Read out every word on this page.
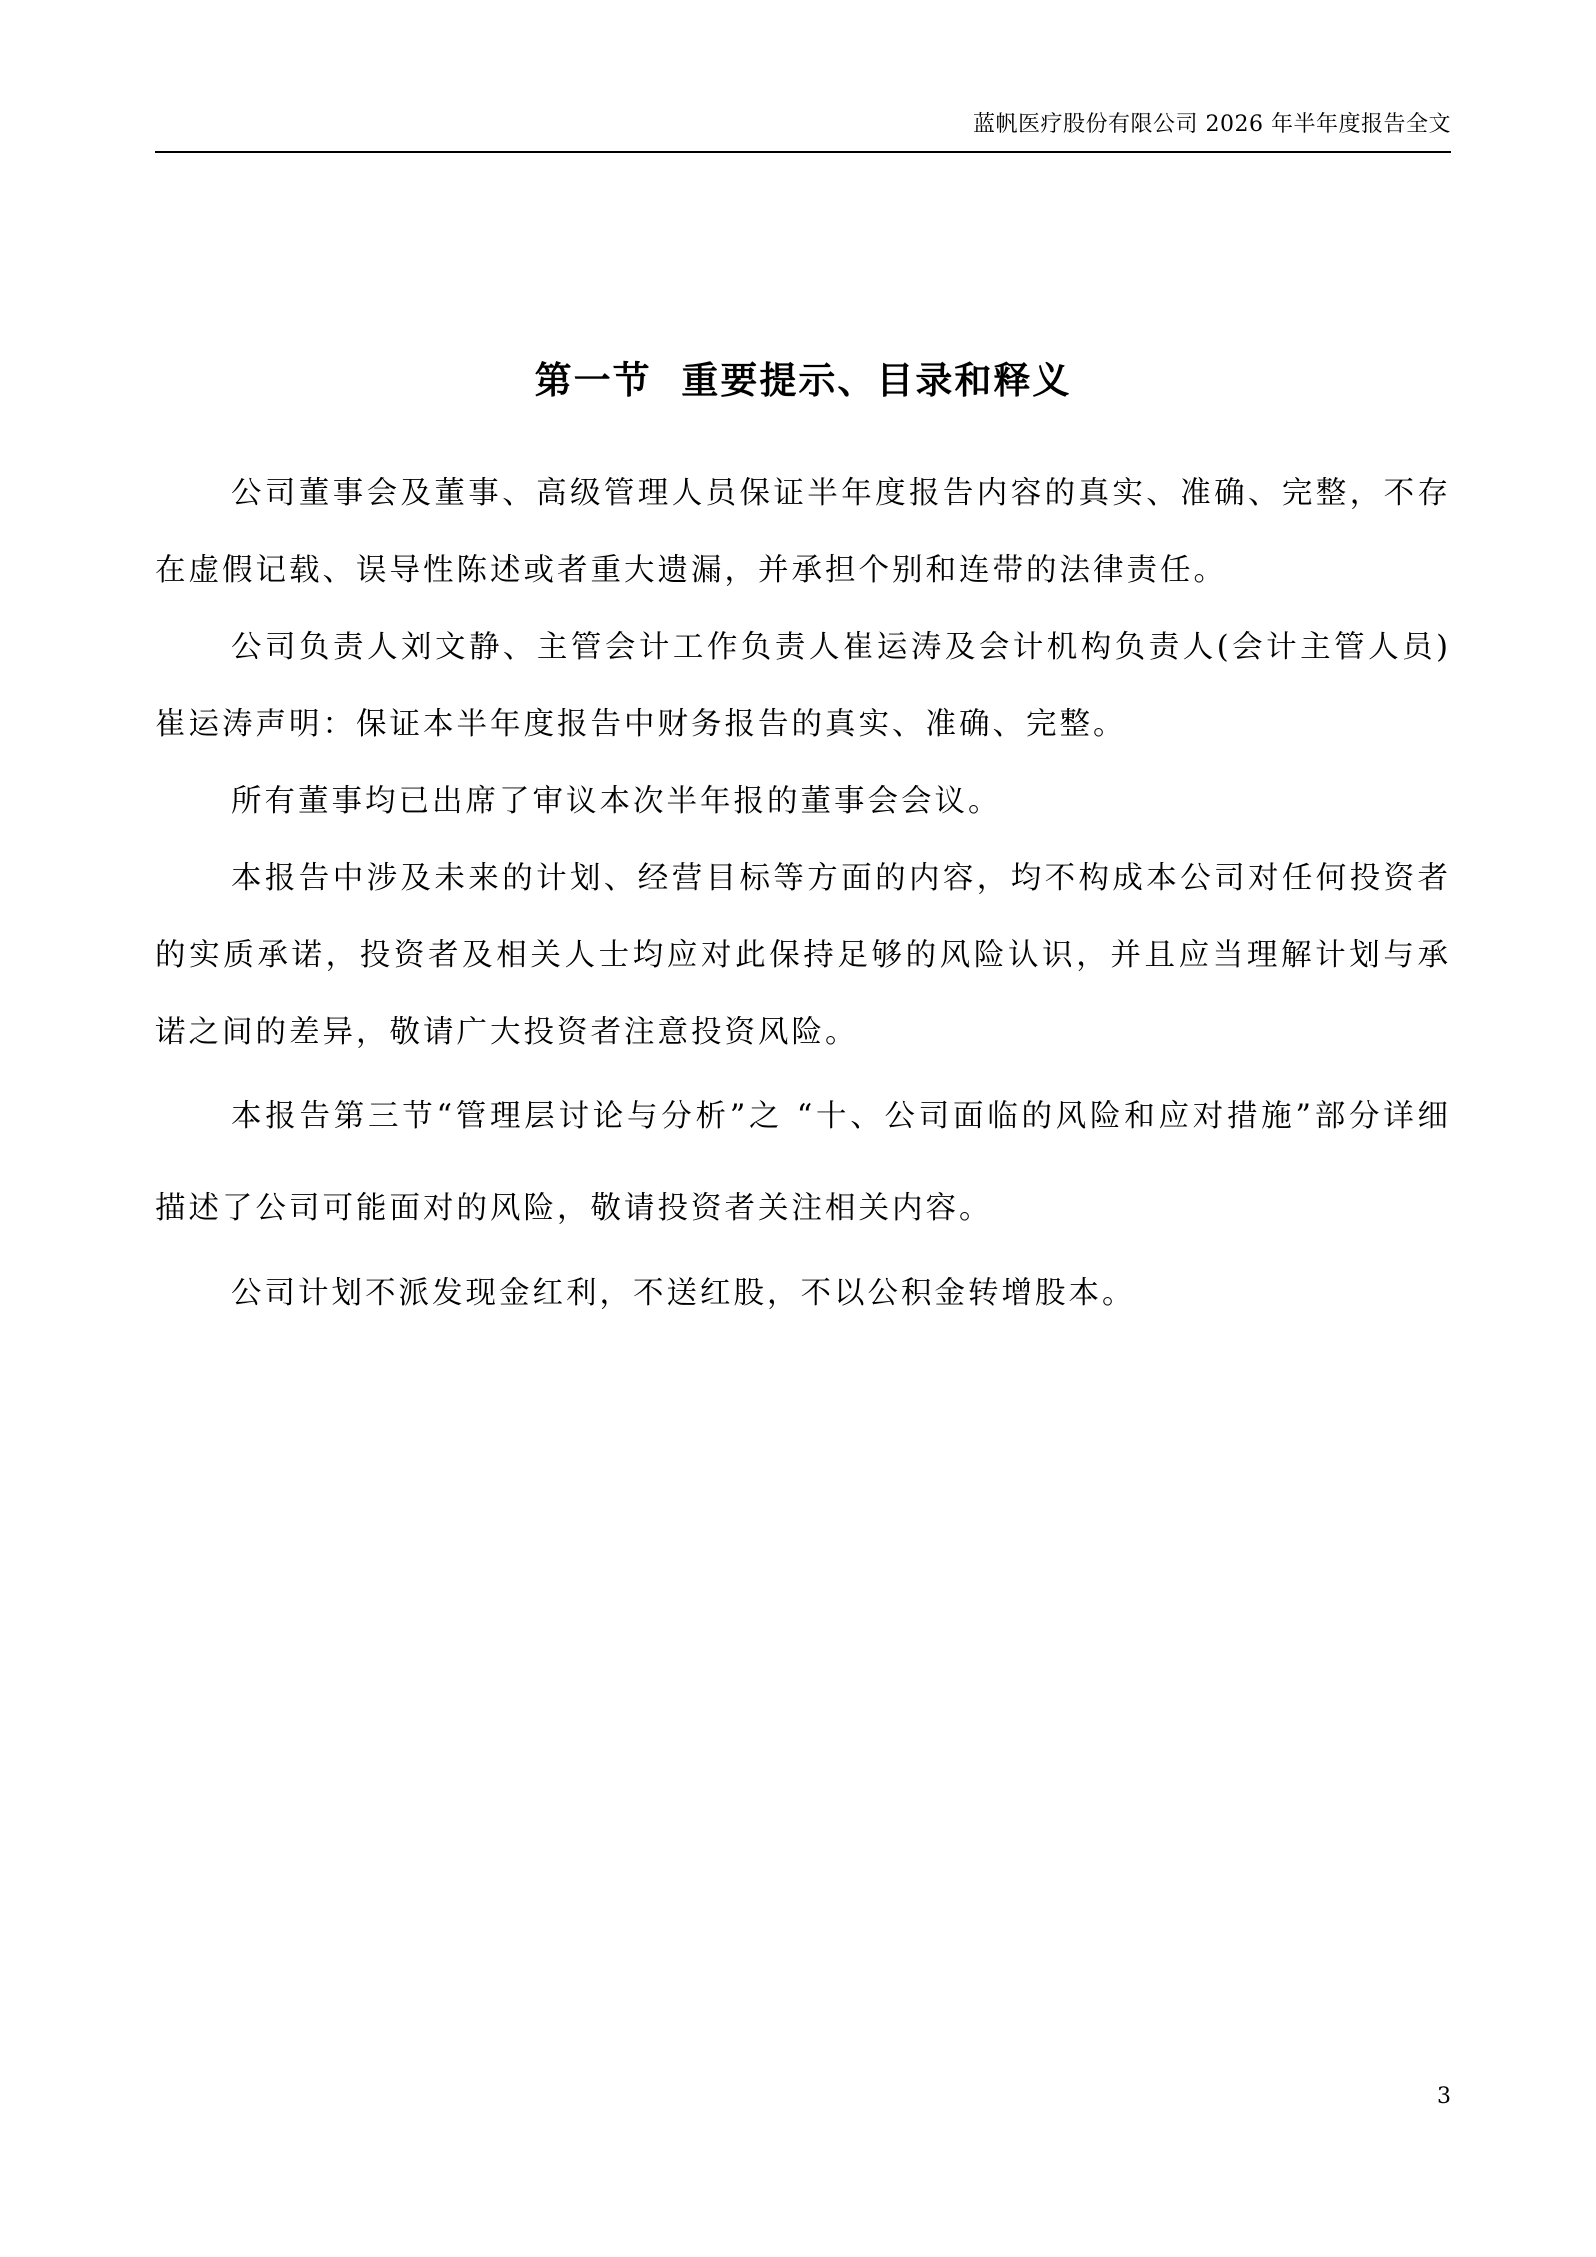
蓝帆医疗股份有限公司 2026 年半年度报告全文
第一节  重要提示、目录和释义

公司董事会及董事、高级管理人员保证半年度报告内容的真实、准确、完整，不存在虚假记载、误导性陈述或者重大遗漏，并承担个别和连带的法律责任。

公司负责人刘文静、主管会计工作负责人崔运涛及会计机构负责人(会计主管人员)崔运涛声明：保证本半年度报告中财务报告的真实、准确、完整。

所有董事均已出席了审议本次半年报的董事会会议。

本报告中涉及未来的计划、经营目标等方面的内容，均不构成本公司对任何投资者的实质承诺，投资者及相关人士均应对此保持足够的风险认识，并且应当理解计划与承诺之间的差异，敬请广大投资者注意投资风险。

本报告第三节“管理层讨论与分析”之 “十、公司面临的风险和应对措施”部分详细描述了公司可能面对的风险，敬请投资者关注相关内容。

公司计划不派发现金红利，不送红股，不以公积金转增股本。

3
